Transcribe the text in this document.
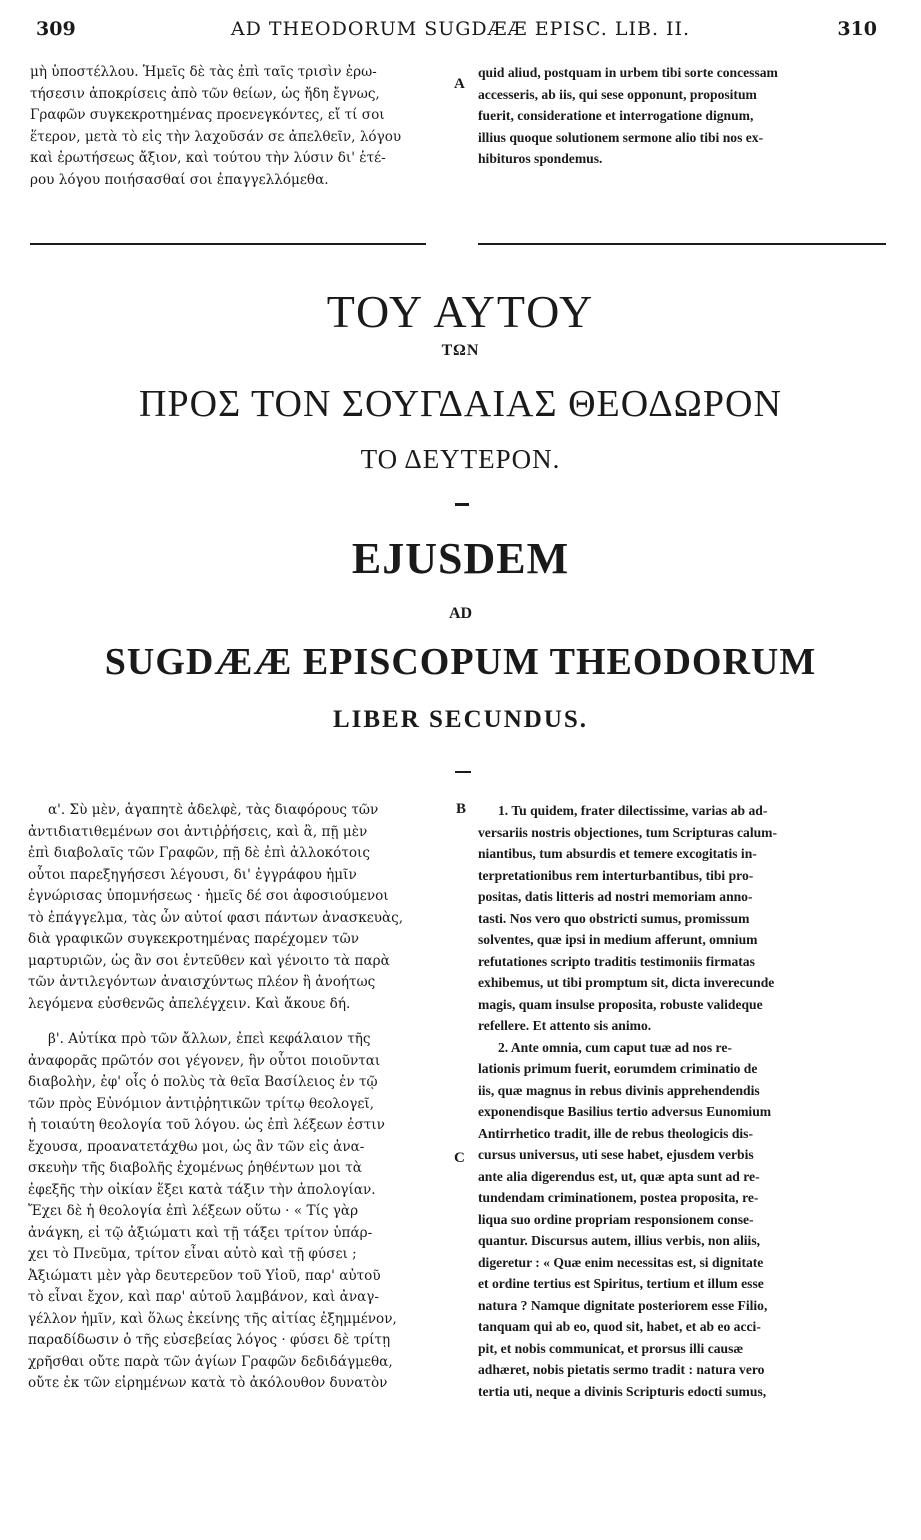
309	AD THEODORUM SUGDÆÆ EPISC. LIB. II.	310

μὴ ὑποστέλλου. Ἡμεῖς δὲ τὰς ἐπὶ ταῖς τρισὶν ἐρω-

τήσεσιν ἀποκρίσεις ἀπὸ τῶν θείων, ὡς ἤδη ἔγνως,

Γραφῶν συγκεκροτημένας προενεγκόντες, εἴ τί σοι

ἕτερον, μετὰ τὸ εἰς τὴν λαχοῦσάν σε ἀπελθεῖν, λόγου

καὶ ἐρωτήσεως ἄξιον, καὶ τούτου τὴν λύσιν δι' ἑτέ-

ρου λόγου ποιήσασθαί σοι ἐπαγγελλόμεθα.

A

quid aliud, postquam in urbem tibi sorte concessam

accesseris, ab iis, qui sese opponunt, propositum

fuerit, consideratione et interrogatione dignum,

illius quoque solutionem sermone alio tibi nos ex-

hibituros spondemus.

ΤΟΥ ΑΥΤΟΥ
ΤΩΝ
ΠΡΟΣ ΤΟΝ ΣΟΥΓΔΑΙΑΣ ΘΕΟΔΩΡΟΝ
ΤΟ ΔΕΥΤΕΡΟΝ.
EJUSDEM
AD
SUGDÆÆ EPISCOPUM THEODORUM
LIBER SECUNDUS.

α'. Σὺ μὲν, ἀγαπητὲ ἀδελφὲ, τὰς διαφόρους τῶν

ἀντιδιατιθεμένων σοι ἀντιῤῥήσεις, καὶ ἃ, πῇ μὲν

ἐπὶ διαβολαῖς τῶν Γραφῶν, πῇ δὲ ἐπὶ ἀλλοκότοις

οὗτοι παρεξηγήσεσι λέγουσι, δι' ἐγγράφου ἡμῖν

ἐγνώρισας ὑπομνήσεως · ἡμεῖς δέ σοι ἀφοσιούμενοι

τὸ ἐπάγγελμα, τὰς ὧν αὐτοί φασι πάντων ἀνασκευὰς,

διὰ γραφικῶν συγκεκροτημένας παρέχομεν τῶν

μαρτυριῶν, ὡς ἂν σοι ἐντεῦθεν καὶ γένοιτο τὰ παρὰ

τῶν ἀντιλεγόντων ἀναισχύντως πλέον ἢ ἀνοήτως

λεγόμενα εὐσθενῶς ἀπελέγχειν. Καὶ ἄκουε δή.

β'. Αὐτίκα πρὸ τῶν ἄλλων, ἐπεὶ κεφάλαιον τῆς

ἀναφορᾶς πρῶτόν σοι γέγονεν, ἣν οὗτοι ποιοῦνται

διαβολὴν, ἐφ' οἷς ὁ πολὺς τὰ θεῖα Βασίλειος ἐν τῷ

τῶν πρὸς Εὐνόμιον ἀντιῤῥητικῶν τρίτῳ θεολογεῖ,

ἡ τοιαύτη θεολογία τοῦ λόγου. ὡς ἐπὶ λέξεων ἐστιν

ἔχουσα, προανατετάχθω μοι, ὡς ἂν τῶν εἰς ἀνα-

σκευὴν τῆς διαβολῆς ἐχομένως ῥηθέντων μοι τὰ

ἐφεξῆς τὴν οἰκίαν ἕξει κατὰ τάξιν τὴν ἀπολογίαν.

Ἔχει δὲ ἡ θεολογία ἐπὶ λέξεων οὕτω · « Τίς γὰρ

ἀνάγκη, εἰ τῷ ἀξιώματι καὶ τῇ τάξει τρίτον ὑπάρ-

χει τὸ Πνεῦμα, τρίτον εἶναι αὐτὸ καὶ τῇ φύσει ;

Ἀξιώματι μὲν γὰρ δευτερεῦον τοῦ Υἱοῦ, παρ' αὐτοῦ

τὸ εἶναι ἔχον, καὶ παρ' αὐτοῦ λαμβάνον, καὶ ἀναγ-

γέλλον ἡμῖν, καὶ ὅλως ἐκείνης τῆς αἰτίας ἐξημμένον,

παραδίδωσιν ὁ τῆς εὐσεβείας λόγος · φύσει δὲ τρίτῃ

χρῆσθαι οὔτε παρὰ τῶν ἁγίων Γραφῶν δεδιδάγμεθα,

οὔτε ἐκ τῶν εἰρημένων κατὰ τὸ ἀκόλουθον δυνατὸν

B
C

1. Tu quidem, frater dilectissime, varias ab ad-

versariis nostris objectiones, tum Scripturas calum-

niantibus, tum absurdis et temere excogitatis in-

terpretationibus rem interturbantibus, tibi pro-

positas, datis litteris ad nostri memoriam anno-

tasti. Nos vero quo obstricti sumus, promissum

solventes, quæ ipsi in medium afferunt, omnium

refutationes scripto traditis testimoniis firmatas

exhibemus, ut tibi promptum sit, dicta inverecunde

magis, quam insulse proposita, robuste valideque

refellere. Et attento sis animo.

2. Ante omnia, cum caput tuæ ad nos re-

lationis primum fuerit, eorumdem criminatio de

iis, quæ magnus in rebus divinis apprehendendis

exponendisque Basilius tertio adversus Eunomium

Antirrhetico tradit, ille de rebus theologicis dis-

cursus universus, uti sese habet, ejusdem verbis

ante alia digerendus est, ut, quæ apta sunt ad re-

tundendam criminationem, postea proposita, re-

liqua suo ordine propriam responsionem conse-

quantur. Discursus autem, illius verbis, non aliis,

digeretur : « Quæ enim necessitas est, si dignitate

et ordine tertius est Spiritus, tertium et illum esse

natura ? Namque dignitate posteriorem esse Filio,

tanquam qui ab eo, quod sit, habet, et ab eo acci-

pit, et nobis communicat, et prorsus illi causæ

adhæret, nobis pietatis sermo tradit : natura vero

tertia uti, neque a divinis Scripturis edocti sumus,
